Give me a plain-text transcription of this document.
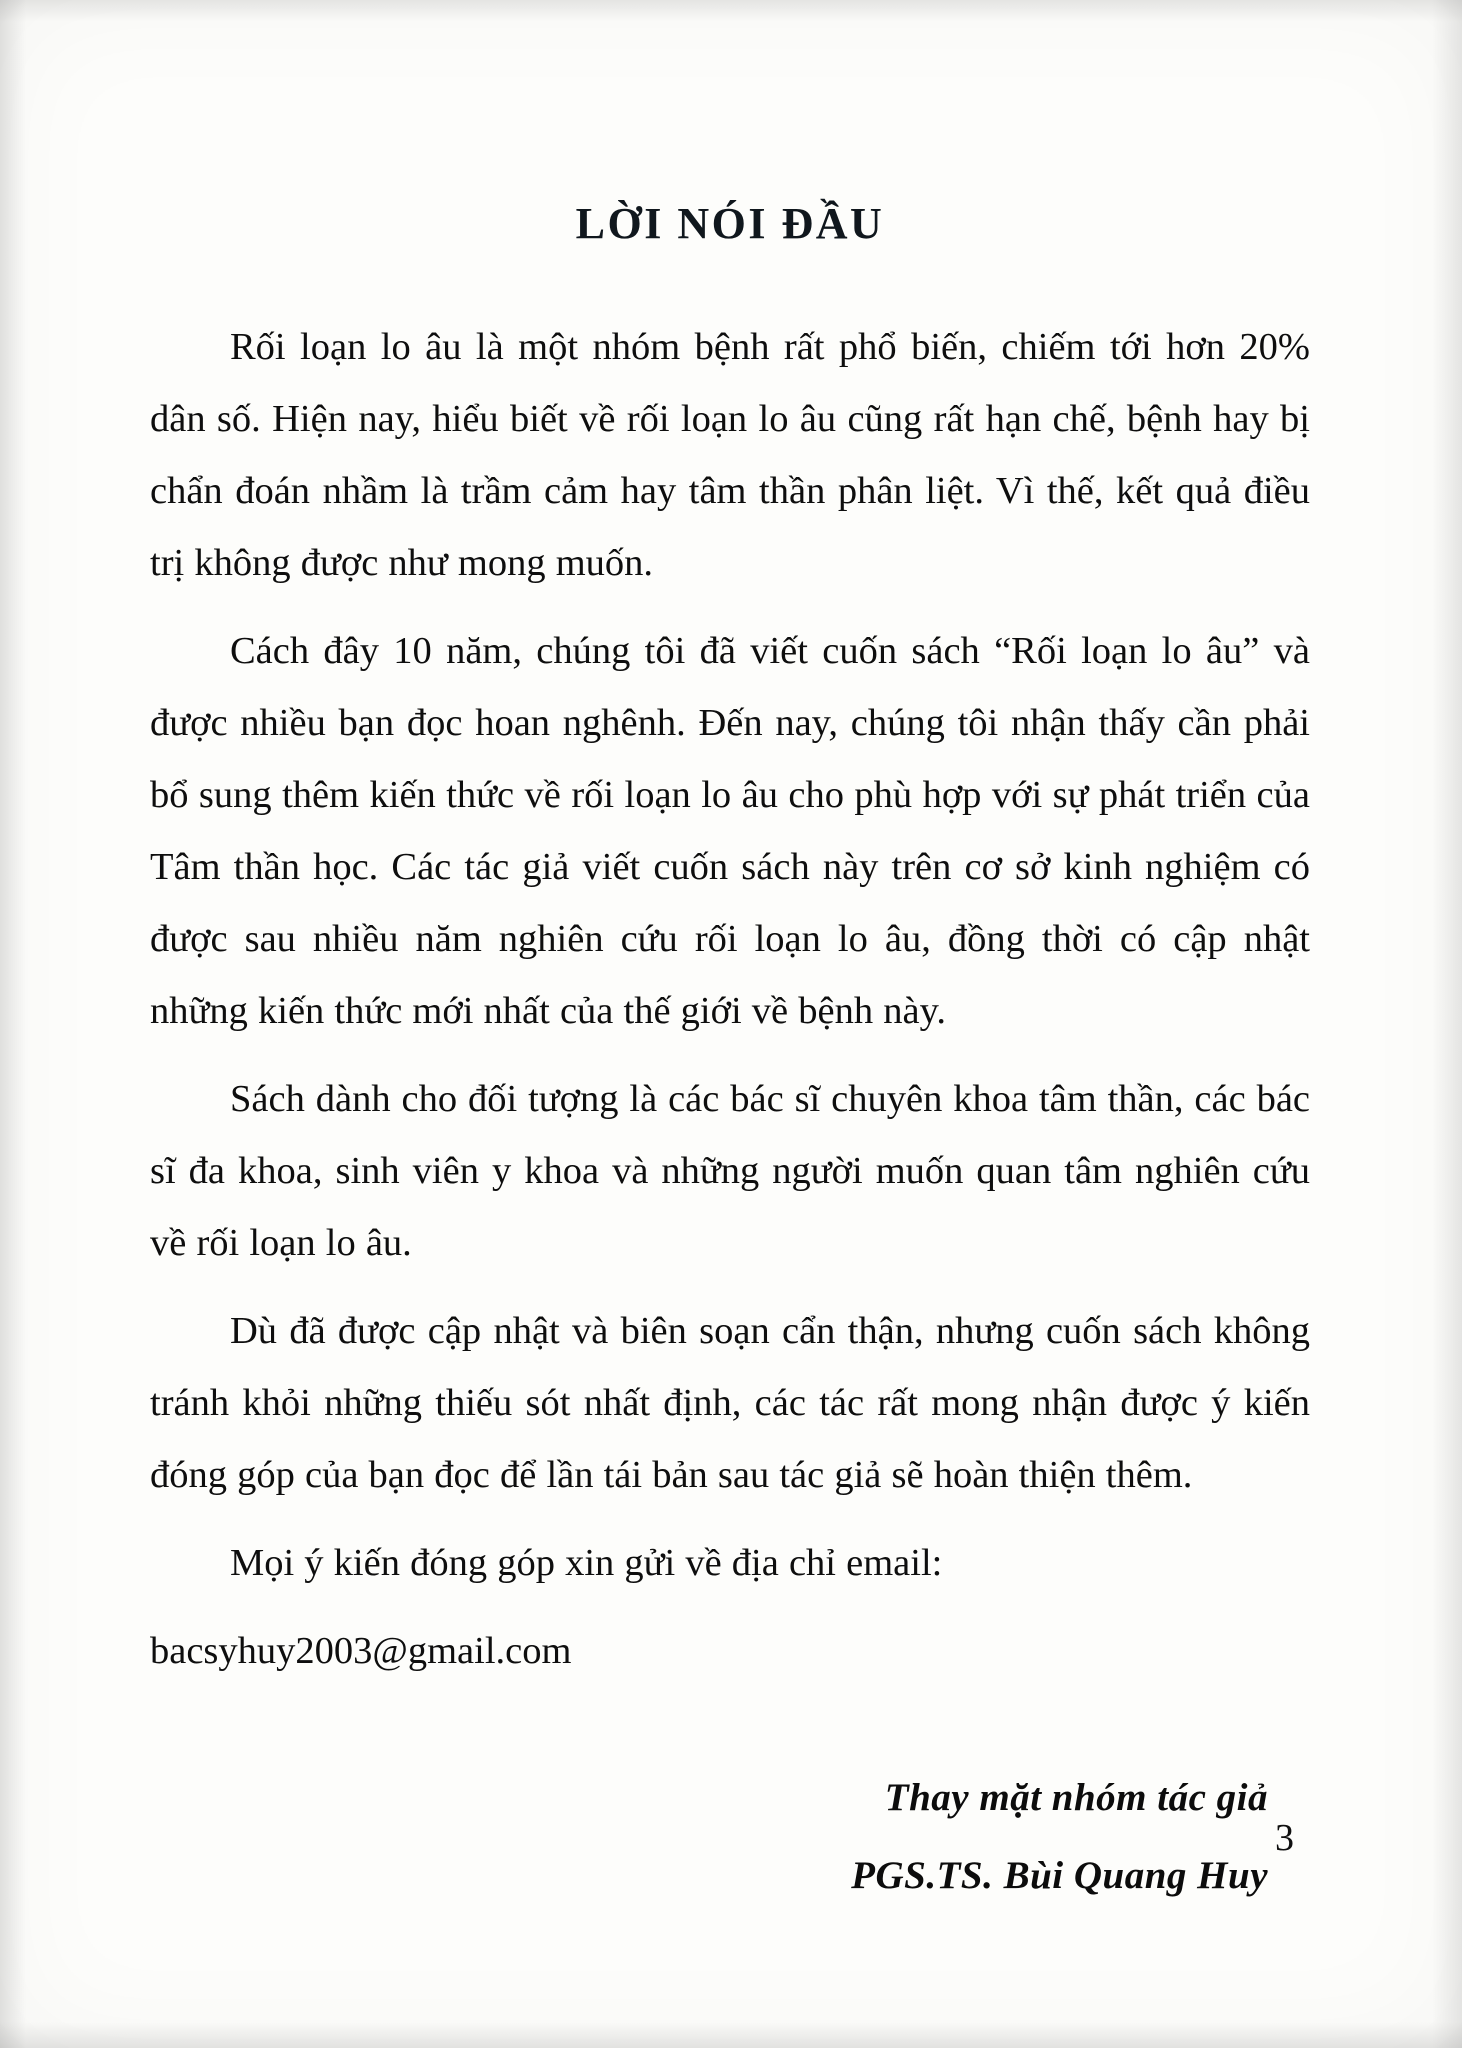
LỜI NÓI ĐẦU

Rối loạn lo âu là một nhóm bệnh rất phổ biến, chiếm tới hơn 20% dân số. Hiện nay, hiểu biết về rối loạn lo âu cũng rất hạn chế, bệnh hay bị chẩn đoán nhầm là trầm cảm hay tâm thần phân liệt. Vì thế, kết quả điều trị không được như mong muốn.

Cách đây 10 năm, chúng tôi đã viết cuốn sách “Rối loạn lo âu” và được nhiều bạn đọc hoan nghênh. Đến nay, chúng tôi nhận thấy cần phải bổ sung thêm kiến thức về rối loạn lo âu cho phù hợp với sự phát triển của Tâm thần học. Các tác giả viết cuốn sách này trên cơ sở kinh nghiệm có được sau nhiều năm nghiên cứu rối loạn lo âu, đồng thời có cập nhật những kiến thức mới nhất của thế giới về bệnh này.

Sách dành cho đối tượng là các bác sĩ chuyên khoa tâm thần, các bác sĩ đa khoa, sinh viên y khoa và những người muốn quan tâm nghiên cứu về rối loạn lo âu.

Dù đã được cập nhật và biên soạn cẩn thận, nhưng cuốn sách không tránh khỏi những thiếu sót nhất định, các tác rất mong nhận được ý kiến đóng góp của bạn đọc để lần tái bản sau tác giả sẽ hoàn thiện thêm.

Mọi ý kiến đóng góp xin gửi về địa chỉ email:

bacsyhuy2003@gmail.com

Thay mặt nhóm tác giả
PGS.TS. Bùi Quang Huy
3
